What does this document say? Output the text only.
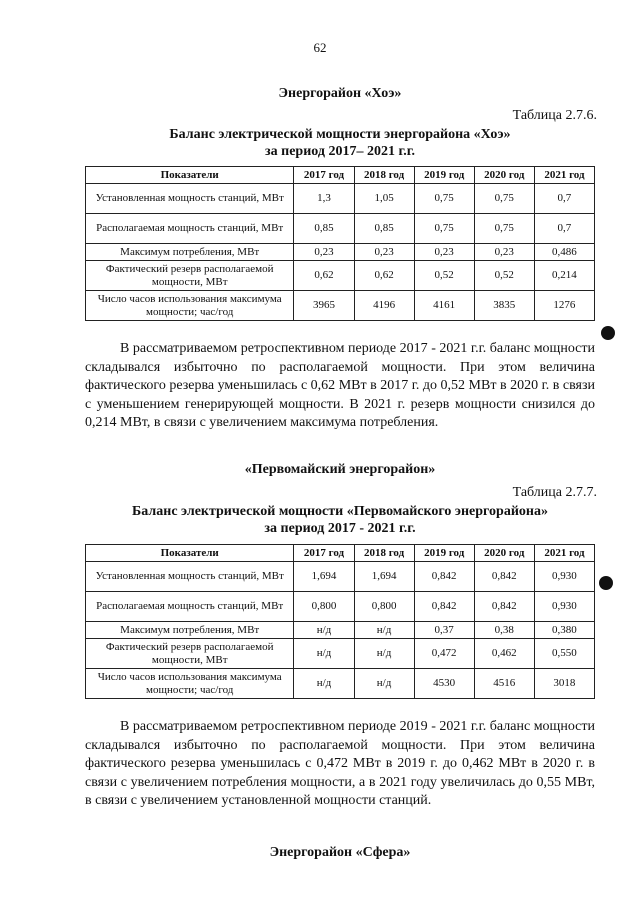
62
Энергорайон «Хоэ»
Таблица 2.7.6.
Баланс электрической мощности энергорайона «Хоэ»
за период 2017– 2021 г.г.
Показатели	2017 год	2018 год	2019 год	2020 год	2021 год
Установленная мощность станций, МВт	1,3	1,05	0,75	0,75	0,7
Располагаемая мощность станций, МВт	0,85	0,85	0,75	0,75	0,7
Максимум потребления, МВт	0,23	0,23	0,23	0,23	0,486
Фактический резерв располагаемой мощности, МВт	0,62	0,62	0,52	0,52	0,214
Число часов использования максимума мощности; час/год	3965	4196	4161	3835	1276
В рассматриваемом ретроспективном периоде 2017 - 2021 г.г. баланс мощности складывался избыточно по располагаемой мощности. При этом величина фактического резерва уменьшилась с 0,62 МВт в 2017 г. до 0,52 МВт в 2020 г. в связи с уменьшением генерирующей мощности. В 2021 г. резерв мощности снизился до 0,214 МВт, в связи с увеличением максимума потребления.
«Первомайский энергорайон»
Таблица 2.7.7.
Баланс электрической мощности «Первомайского энергорайона»
за период 2017 - 2021 г.г.
Показатели	2017 год	2018 год	2019 год	2020 год	2021 год
Установленная мощность станций, МВт	1,694	1,694	0,842	0,842	0,930
Располагаемая мощность станций, МВт	0,800	0,800	0,842	0,842	0,930
Максимум потребления, МВт	н/д	н/д	0,37	0,38	0,380
Фактический резерв располагаемой мощности, МВт	н/д	н/д	0,472	0,462	0,550
Число часов использования максимума мощности; час/год	н/д	н/д	4530	4516	3018
В рассматриваемом ретроспективном периоде 2019 - 2021 г.г. баланс мощности складывался избыточно по располагаемой мощности. При этом величина фактического резерва уменьшилась с 0,472 МВт в 2019 г. до 0,462 МВт в 2020 г. в связи с увеличением потребления мощности, а в 2021 году увеличилась до 0,55 МВт, в связи с увеличением установленной мощности станций.
Энергорайон «Сфера»
